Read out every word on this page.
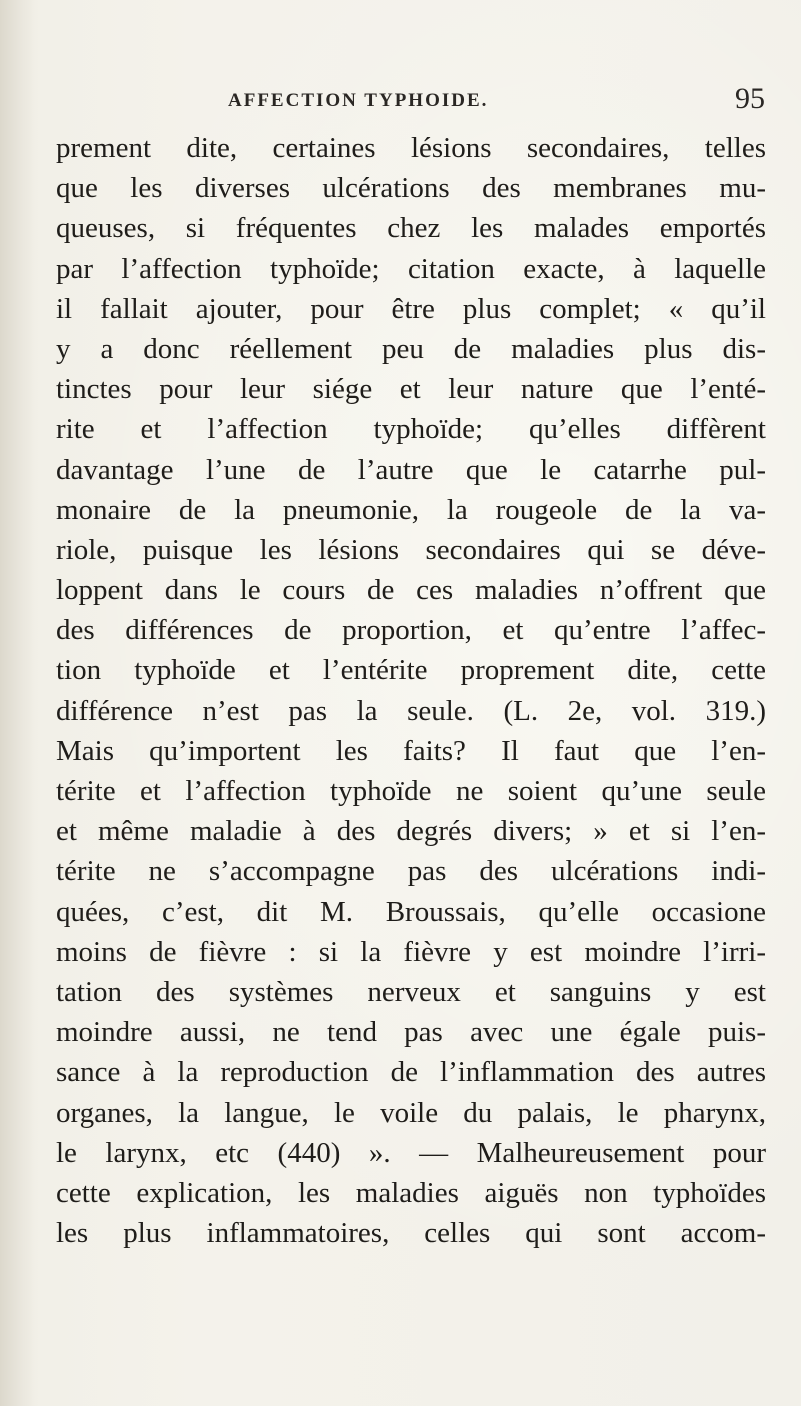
AFFECTION TYPHOIDE.	95
prement dite, certaines lésions secondaires, telles
que les diverses ulcérations des membranes mu-
queuses, si fréquentes chez les malades emportés
par l’affection typhoïde; citation exacte, à laquelle
il fallait ajouter, pour être plus complet; « qu’il
y a donc réellement peu de maladies plus dis-
tinctes pour leur siége et leur nature que l’enté-
rite et l’affection typhoïde; qu’elles diffèrent
davantage l’une de l’autre que le catarrhe pul-
monaire de la pneumonie, la rougeole de la va-
riole, puisque les lésions secondaires qui se déve-
loppent dans le cours de ces maladies n’offrent que
des différences de proportion, et qu’entre l’affec-
tion typhoïde et l’entérite proprement dite, cette
différence n’est pas la seule. (L. 2e, vol. 319.)
Mais qu’importent les faits? Il faut que l’en-
térite et l’affection typhoïde ne soient qu’une seule
et même maladie à des degrés divers; » et si l’en-
térite ne s’accompagne pas des ulcérations indi-
quées, c’est, dit M. Broussais, qu’elle occasione
moins de fièvre : si la fièvre y est moindre l’irri-
tation des systèmes nerveux et sanguins y est
moindre aussi, ne tend pas avec une égale puis-
sance à la reproduction de l’inflammation des autres
organes, la langue, le voile du palais, le pharynx,
le larynx, etc (440) ». — Malheureusement pour
cette explication, les maladies aiguës non typhoïdes
les plus inflammatoires, celles qui sont accom-
